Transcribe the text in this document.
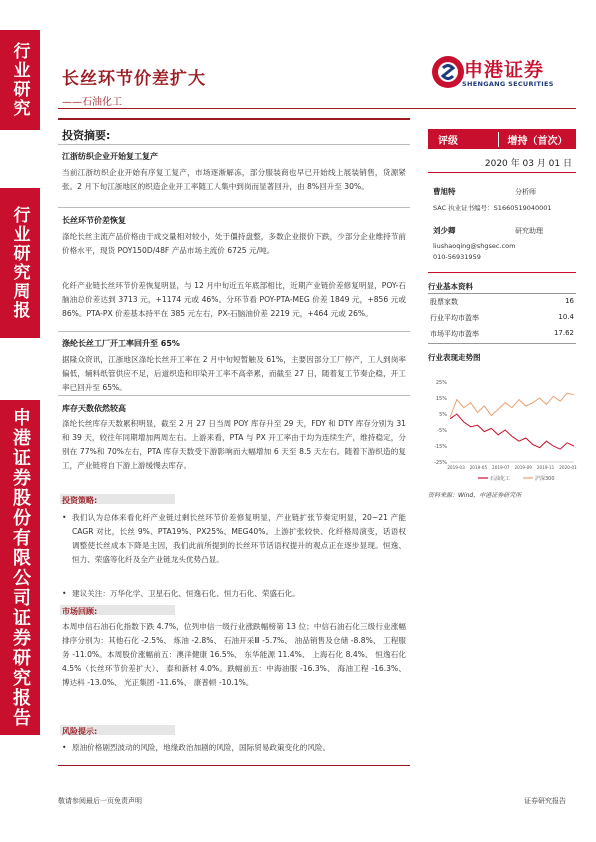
行业研究
行业研究周报
申港证券股份有限公司证券研究报告
长丝环节价差扩大
——石油化工
申港证券
SHENGANG SECURITIES
投资摘要:
江浙纺织企业开始复工复产
当前江浙纺织企业开始有序复工复产，市场逐渐解冻，部分服装商也早已开始线上展装销售，货源紧张。2 月下旬江浙地区的织造企业开工率随工人集中到岗而显著回升，由 8%回升至 30%。
长丝环节价差恢复
涤纶长丝主流产品价格由于成交量相对较小，处于僵持盘整，多数企业报价下跌，少部分企业维持节前价格水平，现货 POY150D/48F 产品市场主流价 6725 元/吨。
化纤产业链长丝环节价差恢复明显，与 12 月中旬近五年底部相比，近期产业链价差修复明显，POY-石脑油总价差达到 3713 元，+1174 元或 46%。分环节看 POY-PTA-MEG 价差 1849 元，+856 元或 86%。PTA-PX 价差基本持平在 385 元左右，PX-石脑油价差 2219 元，+464 元或 26%。
涤纶长丝工厂开工率回升至 65%
据隆众资讯，江浙地区涤纶长丝开工率在 2 月中旬短暂触及 61%，主要因部分工厂停产，工人到岗率偏低，辅料纸管供应不足，后道织造和印染开工率不高牵累，而截至 27 日，随着复工节奏企稳，开工率已回升至 65%。
库存天数依然较高
涤纶长丝库存天数累积明显，截至 2 月 27 日当周 POY 库存升至 29 天，FDY 和 DTY 库存分别为 31 和 39 天，较往年同期增加两周左右。上游来看，PTA 与 PX 开工率由于均为连续生产，维持稳定，分别在 77%和 70%左右，PTA 库存天数受下游影响而大幅增加 6 天至 8.5 天左右。随着下游织造的复工，产业链将自下游上游缓慢去库存。
投资策略:
• 我们认为总体来看化纤产业链过剩长丝环节价差修复明显，产业链扩张节奏定明显，20~21 产能 CAGR 对比，长丝 9%、PTA19%、PX25%、MEG40%。上游扩张较快、化纤格局演变，话语权调整使长丝成本下降是主因，我们此前所提到的长丝环节话语权提升的观点正在逐步显现。恒逸、恒力、荣盛等化纤及全产业链龙头优势凸显。
• 建议关注：万华化学、卫星石化、恒逸石化、恒力石化、荣盛石化。
市场回顾:
本周申信石油石化指数下跌 4.7%，位列申信一级行业涨跌幅榜第 13 位；中信石油石化三级行业涨幅排序分别为：其他石化 -2.5%、 炼油 -2.8%、 石油开采Ⅲ -5.7%、 油品销售及仓储 -8.8%、 工程服务 -11.0%。本周股价涨幅前五：澳洋健康 16.5%、 东华能源 11.4%、 上海石化 8.4%、 恒逸石化 4.5%（长丝环节价差扩大）、 泰和新材 4.0%。跌幅前五：中海油服 -16.3%、 海油工程 -16.3%、 博达科 -13.0%、 光正集团 -11.6%、 康普顿 -10.1%。
风险提示:
• 原油价格剧烈波动的风险，地缘政治加剧的风险，国际贸易政策变化的风险。
评级	增持（首次）
2020 年 03 月 01 日
曹旭特	分析师
SAC 执业证书编号：S1660519040001
刘少卿	研究助理
liushaoqing@shgsec.com
010-56931959
行业基本资料
股票家数	16
行业平均市盈率	10.4
市场平均市盈率	17.62
行业表现走势图
25%
15%
5%
-5%
-15%
-25%
2019-03 2019-05 2019-07 2019-09 2019-11 2020-01
石油化工	沪深300
资料来源：Wind，申港证券研究所
敬请参阅最后一页免责声明	证券研究报告
